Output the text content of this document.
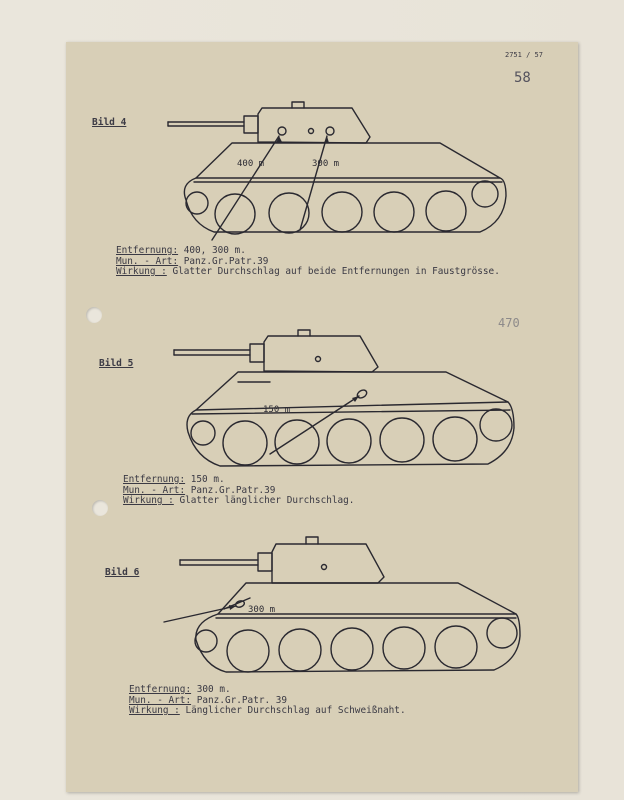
2751 / 57
58
470
Bild 4
Bild 5
Bild 6
400 m	300 m
150 m
300 m
Entfernung: 400, 300 m.
Mun. - Art: Panz.Gr.Patr.39
Wirkung : Glatter Durchschlag auf beide Entfernungen in Faustgrösse.
Entfernung: 150 m.
Mun. - Art: Panz.Gr.Patr.39
Wirkung : Glatter länglicher Durchschlag.
Entfernung: 300 m.
Mun. - Art: Panz.Gr.Patr. 39
Wirkung : Länglicher Durchschlag auf Schweißnaht.
